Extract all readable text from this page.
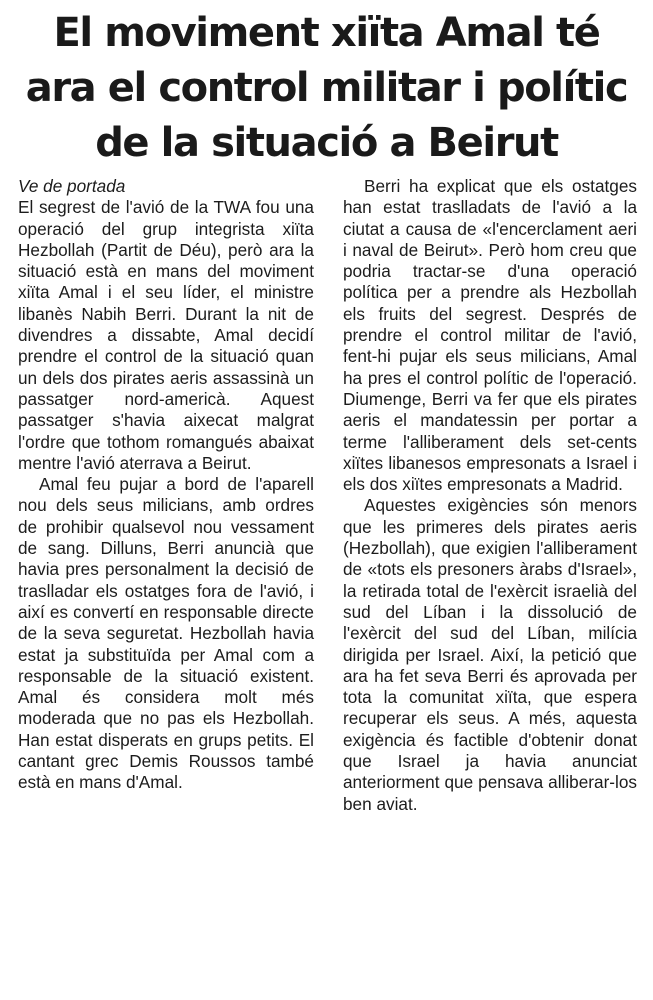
El moviment xiïta Amal té
ara el control militar i polític
de la situació a Beirut

Ve de portada

El segrest de l'avió de la TWA fou una operació del grup integrista xiïta Hezbollah (Partit de Déu), però ara la situació està en mans del moviment xiïta Amal i el seu líder, el ministre libanès Nabih Berri. Durant la nit de divendres a dissabte, Amal decidí prendre el control de la situació quan un dels dos pirates aeris assassinà un passatger nord-americà. Aquest passatger s'havia aixecat malgrat l'ordre que tothom romangués abaixat mentre l'avió aterrava a Beirut.

Amal feu pujar a bord de l'aparell nou dels seus milicians, amb ordres de prohibir qualsevol nou vessament de sang. Dilluns, Berri anuncià que havia pres personalment la decisió de traslladar els ostatges fora de l'avió, i així es convertí en responsable directe de la seva seguretat. Hezbollah havia estat ja substituïda per Amal com a responsable de la situació existent. Amal és considera molt més moderada que no pas els Hezbollah. Han estat disperats en grups petits. El cantant grec Demis Roussos també està en mans d'Amal.

Berri ha explicat que els ostatges han estat traslladats de l'avió a la ciutat a causa de «l'encerclament aeri i naval de Beirut». Però hom creu que podria tractar-se d'una operació política per a prendre als Hezbollah els fruits del segrest. Després de prendre el control militar de l'avió, fent-hi pujar els seus milicians, Amal ha pres el control polític de l'operació. Diumenge, Berri va fer que els pirates aeris el mandatessin per portar a terme l'alliberament dels set-cents xiïtes libanesos empresonats a Israel i els dos xiïtes empresonats a Madrid.

Aquestes exigències són menors que les primeres dels pirates aeris (Hezbollah), que exigien l'alliberament de «tots els presoners àrabs d'Israel», la retirada total de l'exèrcit israelià del sud del Líban i la dissolució de l'exèrcit del sud del Líban, milícia dirigida per Israel. Així, la petició que ara ha fet seva Berri és aprovada per tota la comunitat xiïta, que espera recuperar els seus. A més, aquesta exigència és factible d'obtenir donat que Israel ja havia anunciat anteriorment que pensava alliberar-los ben aviat.
